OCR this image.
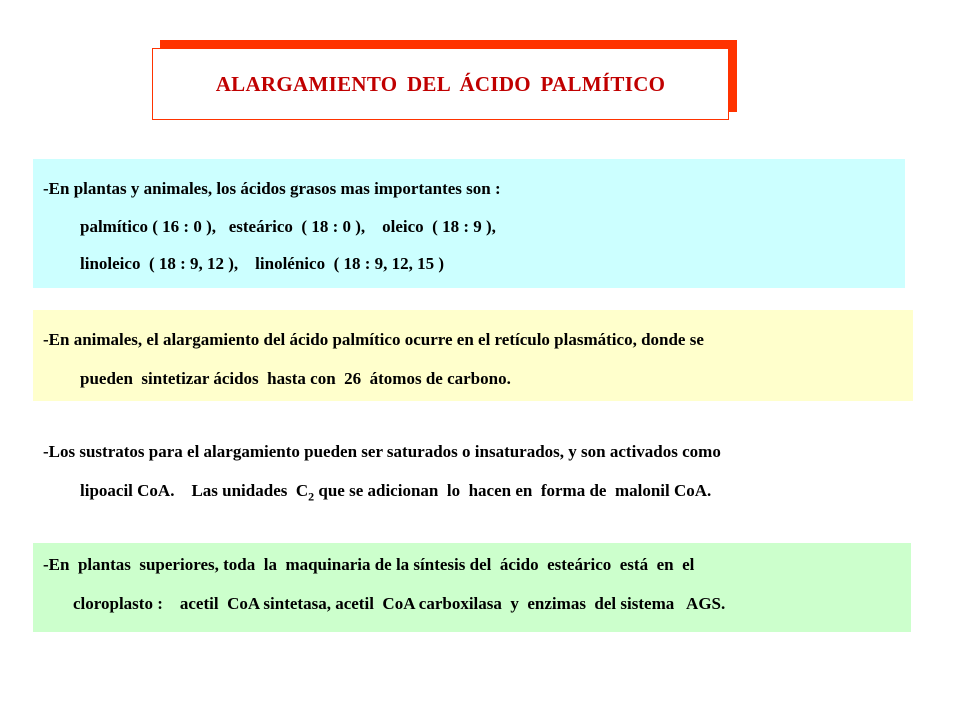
ALARGAMIENTO DEL ÁCIDO PALMÍTICO
-En plantas y animales, los ácidos grasos mas importantes son :
palmítico ( 16 : 0 ),   esteárico  ( 18 : 0 ),    oleico  ( 18 : 9 ),
linoleico  ( 18 : 9, 12 ),    linolénico  ( 18 : 9, 12, 15 )
-En animales, el alargamiento del ácido palmítico ocurre en el retículo plasmático, donde se
pueden  sintetizar ácidos  hasta con  26  átomos de carbono.
-Los sustratos para el alargamiento pueden ser saturados o insaturados, y son activados como
lipoacil CoA.    Las unidades  $C_2$ que se adicionan  lo  hacen en  forma de  malonil CoA.
-En  plantas  superiores, toda  la  maquinaria de la síntesis del  ácido  esteárico  está  en  el
cloroplasto :    acetil  CoA sintetasa, acetil  CoA carboxilasa  y  enzimas  del sistema   AGS.
